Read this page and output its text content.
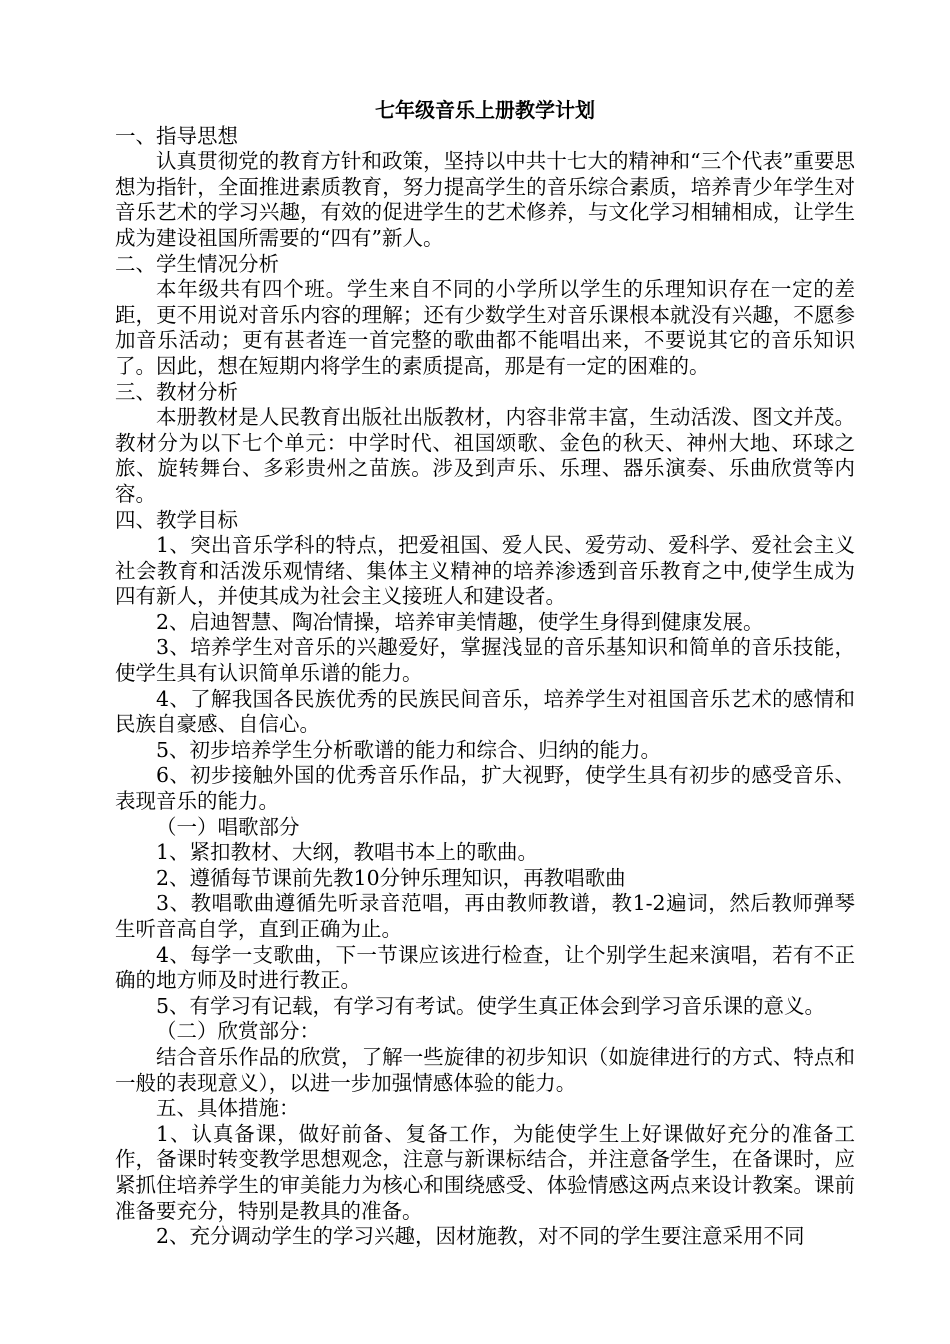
七年级音乐上册教学计划

一、指导思想

认真贯彻党的教育方针和政策，坚持以中共十七大的精神和“三个代表”重要思想为指针，全面推进素质教育，努力提高学生的音乐综合素质，培养青少年学生对音乐艺术的学习兴趣，有效的促进学生的艺术修养，与文化学习相辅相成，让学生成为建设祖国所需要的“四有”新人。

二、学生情况分析

本年级共有四个班。学生来自不同的小学所以学生的乐理知识存在一定的差距，更不用说对音乐内容的理解；还有少数学生对音乐课根本就没有兴趣，不愿参加音乐活动；更有甚者连一首完整的歌曲都不能唱出来，不要说其它的音乐知识了。因此，想在短期内将学生的素质提高，那是有一定的困难的。

三、教材分析

本册教材是人民教育出版社出版教材，内容非常丰富，生动活泼、图文并茂。教材分为以下七个单元：中学时代、祖国颂歌、金色的秋天、神州大地、环球之旅、旋转舞台、多彩贵州之苗族。涉及到声乐、乐理、器乐演奏、乐曲欣赏等内容。

四、教学目标

1、突出音乐学科的特点，把爱祖国、爱人民、爱劳动、爱科学、爱社会主义社会教育和活泼乐观情绪、集体主义精神的培养渗透到音乐教育之中,使学生成为四有新人，并使其成为社会主义接班人和建设者。

2、启迪智慧、陶冶情操，培养审美情趣，使学生身得到健康发展。

3、培养学生对音乐的兴趣爱好，掌握浅显的音乐基知识和简单的音乐技能，使学生具有认识简单乐谱的能力。

4、了解我国各民族优秀的民族民间音乐，培养学生对祖国音乐艺术的感情和民族自豪感、自信心。

5、初步培养学生分析歌谱的能力和综合、归纳的能力。

6、初步接触外国的优秀音乐作品，扩大视野，使学生具有初步的感受音乐、表现音乐的能力。

（一）唱歌部分

1、紧扣教材、大纲，教唱书本上的歌曲。

2、遵循每节课前先教10分钟乐理知识，再教唱歌曲

3、教唱歌曲遵循先听录音范唱，再由教师教谱，教1-2遍词，然后教师弹琴生听音高自学，直到正确为止。

4、每学一支歌曲，下一节课应该进行检查，让个别学生起来演唱，若有不正确的地方师及时进行教正。

5、有学习有记载，有学习有考试。使学生真正体会到学习音乐课的意义。

（二）欣赏部分：

结合音乐作品的欣赏，了解一些旋律的初步知识（如旋律进行的方式、特点和一般的表现意义），以进一步加强情感体验的能力。

五、具体措施：

1、认真备课，做好前备、复备工作，为能使学生上好课做好充分的准备工作，备课时转变教学思想观念，注意与新课标结合，并注意备学生，在备课时，应紧抓住培养学生的审美能力为核心和围绕感受、体验情感这两点来设计教案。课前准备要充分，特别是教具的准备。

2、充分调动学生的学习兴趣，因材施教，对不同的学生要注意采用不同
